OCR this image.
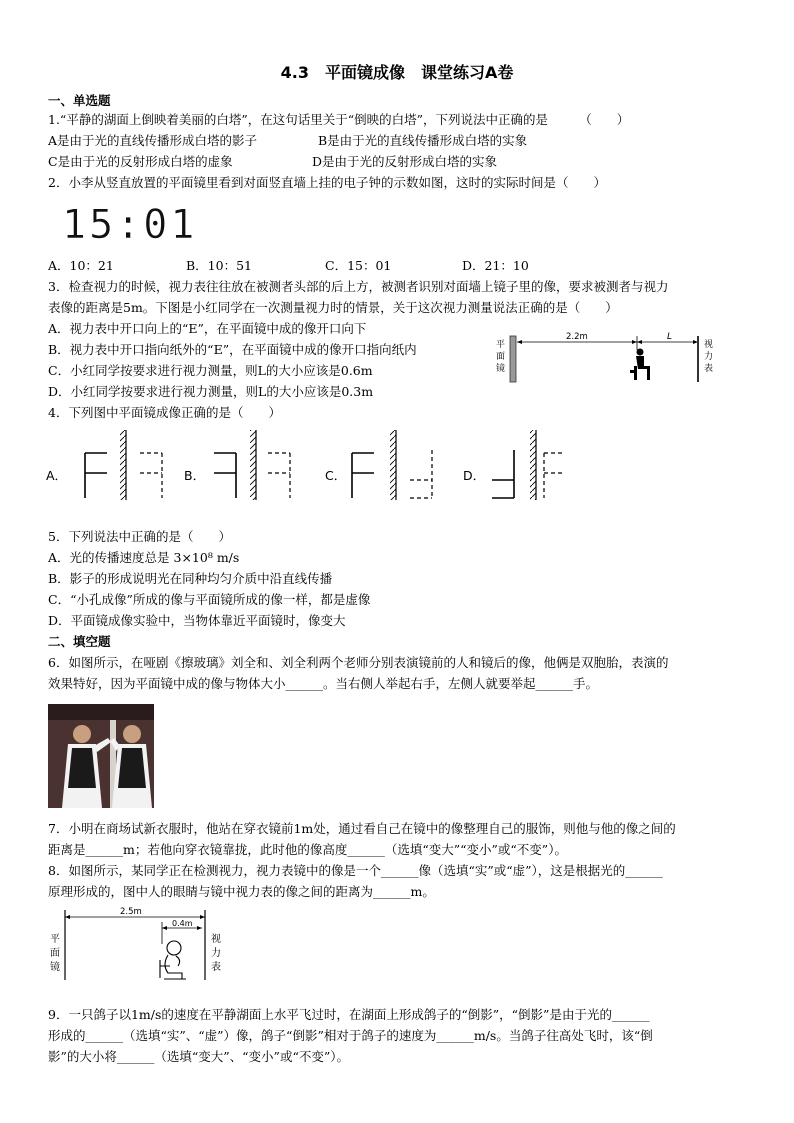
4.3　平面镜成像　课堂练习A卷
一、单选题
1.“平静的湖面上倒映着美丽的白塔”，在这句话里关于“倒映的白塔”，下列说法中正确的是　　　（　　）
A是由于光的直线传播形成白塔的影子	B是由于光的直线传播形成白塔的实象
C是由于光的反射形成白塔的虚象	D是由于光的反射形成白塔的实象
2．小李从竖直放置的平面镜里看到对面竖直墙上挂的电子钟的示数如图，这时的实际时间是（　　）
15:01
A．10：21	B．10：51	C．15：01	D．21：10
3．检查视力的时候，视力表往往放在被测者头部的后上方，被测者识别对面墙上镜子里的像，要求被测者与视力
表像的距离是5m。下图是小红同学在一次测量视力时的情景，关于这次视力测量说法正确的是（　　）
A．视力表中开口向上的“E”，在平面镜中成的像开口向下
B．视力表中开口指向纸外的“E”，在平面镜中成的像开口指向纸内
C．小红同学按要求进行视力测量，则L的大小应该是0.6m
D．小红同学按要求进行视力测量，则L的大小应该是0.3m
平
面
镜
2.2m	L
视
力
表
4．下列图中平面镜成像正确的是（　　）
A．	B．	C．	D．
5．下列说法中正确的是（　　）
A．光的传播速度总是 3×10⁸ m/s
B．影子的形成说明光在同种均匀介质中沿直线传播
C．“小孔成像”所成的像与平面镜所成的像一样，都是虚像
D．平面镜成像实验中，当物体靠近平面镜时，像变大
二、填空题
6．如图所示，在哑剧《擦玻璃》刘全和、刘全利两个老师分别表演镜前的人和镜后的像，他俩是双胞胎，表演的
效果特好，因为平面镜中成的像与物体大小______。当右侧人举起右手，左侧人就要举起______手。
7．小明在商场试新衣服时，他站在穿衣镜前1m处，通过看自己在镜中的像整理自己的服饰，则他与他的像之间的
距离是______m；若他向穿衣镜靠拢，此时他的像高度______（选填“变大”“变小”或“不变”）。
8．如图所示，某同学正在检测视力，视力表镜中的像是一个______像（选填“实”或“虚”），这是根据光的______
原理形成的，图中人的眼睛与镜中视力表的像之间的距离为______m。
平
面
镜
2.5m
0.4m
视
力
表
9．一只鸽子以1m/s的速度在平静湖面上水平飞过时，在湖面上形成鸽子的“倒影”，“倒影”是由于光的______
形成的______（选填“实”、“虚”）像，鸽子“倒影”相对于鸽子的速度为______m/s。当鸽子往高处飞时，该“倒
影”的大小将______（选填“变大”、“变小”或“不变”）。
